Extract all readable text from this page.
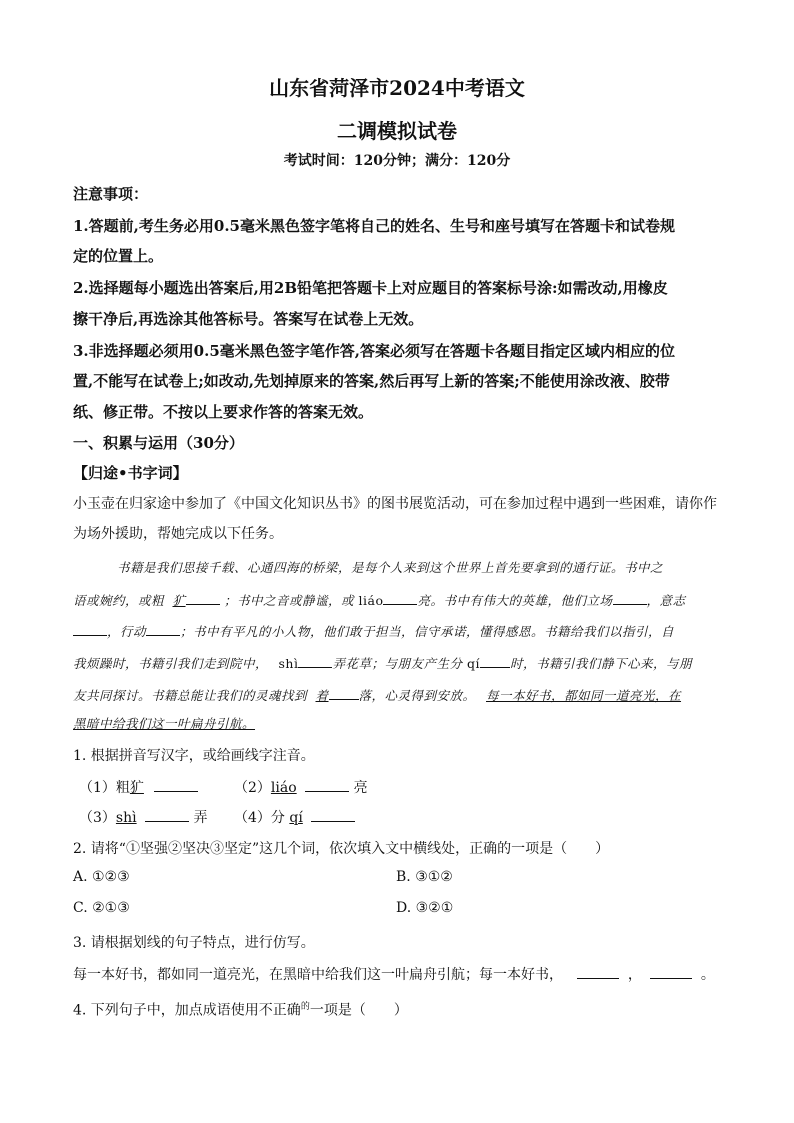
山东省菏泽市2024中考语文
二调模拟试卷
考试时间：120分钟；满分：120分
注意事项：
1.答题前,考生务必用0.5毫米黑色签字笔将自己的姓名、生号和座号填写在答题卡和试卷规
定的位置上。
2.选择题每小题选出答案后,用2B铅笔把答题卡上对应题目的答案标号涂:如需改动,用橡皮
擦干净后,再选涂其他答标号。答案写在试卷上无效。
3.非选择题必须用0.5毫米黑色签字笔作答,答案必须写在答题卡各题目指定区域内相应的位
置,不能写在试卷上;如改动,先划掉原来的答案,然后再写上新的答案;不能使用涂改液、胶带
纸、修正带。不按以上要求作答的答案无效。
一、积累与运用（30分）
【归途•书字词】
小玉壶在归家途中参加了《中国文化知识丛书》的图书展览活动，可在参加过程中遇到一些困难，请你作
为场外援助，帮她完成以下任务。
书籍是我们思接千载、心通四海的桥梁，是每个人来到这个世界上首先要拿到的通行证。书中之
语或婉约，或粗 犷	；书中之音或静谧，或 liáo	亮。书中有伟大的英雄，他们立场	，意志
，行动	；书中有平凡的小人物，他们敢于担当，信守承诺，懂得感恩。书籍给我们以指引，自
我烦躁时，书籍引我们走到院中， shì	弄花草；与朋友产生分 qí 时，书籍引我们静下心来，与朋
友共同探讨。书籍总能让我们的灵魂找到 着 落，心灵得到安放。 每一本好书，都如同一道亮光，在
黑暗中给我们这一叶扁舟引航。
1. 根据拼音写汉字，或给画线字注音。
（1）粗犷	（2）liáo	亮
（3）shì	弄 （4）分 qí
2. 请将“①坚强②坚决③坚定”这几个词，依次填入文中横线处，正确的一项是（　　）
A. ①②③	B. ③①②
C. ②①③	D. ③②①
3. 请根据划线的句子特点，进行仿写。
每一本好书，都如同一道亮光，在黑暗中给我们这一叶扁舟引航；每一本好书，	，	。
4. 下列句子中，加点成语使用不正确$^的$一项是（　　）
